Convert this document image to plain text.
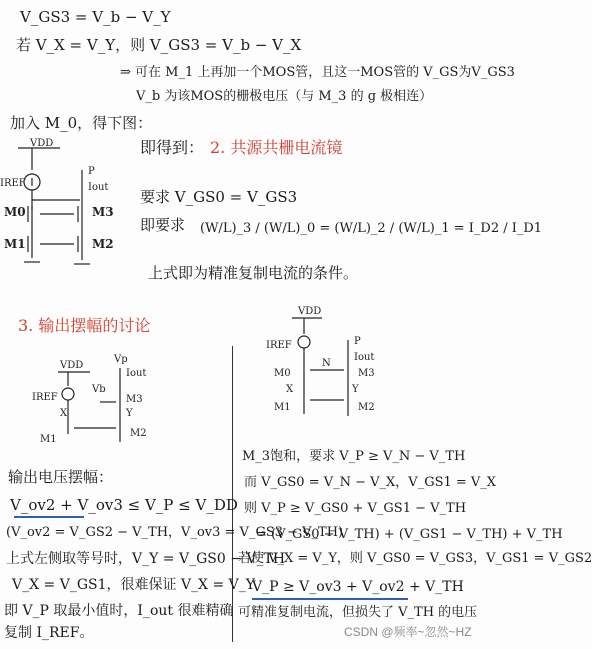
V_GS3 = V_b − V_Y
若 V_X = V_Y，则 V_GS3 = V_b − V_X
⇒ 可在 M_1 上再加一个MOS管，且这一MOS管的 V_GS为V_GS3
V_b 为该MOS的栅极电压（与 M_3 的 g 极相连）
加入 M_0，得下图：
即得到： 2. 共源共栅电流镜
要求 V_GS0 = V_GS3
即要求 (W/L)_3 / (W/L)_0 = (W/L)_2 / (W/L)_1 = I_D2 / I_D1
上式即为精准复制电流的条件。
VDD
IREF
P
Iout
M0	M3
M1	M2
3. 输出摆幅的讨论
VDD
IREF
Vp
Iout
Vb
M3
X	Y
M1
M2
VDD
IREF	P
Iout
N
M0	M3
X	Y
M1	M2
输出电压摆幅：
V_ov2 + V_ov3 ≤ V_P ≤ V_DD
(V_ov2 = V_GS2 − V_TH，V_ov3 = V_GS3 − V_TH)
上式左侧取等号时，V_Y = V_GS0 − V_TH
V_X = V_GS1，很难保证 V_X = V_Y
即 V_P 取最小值时，I_out 很难精确
复制 I_REF。
M_3饱和，要求 V_P ≥ V_N − V_TH
而 V_GS0 = V_N − V_X，V_GS1 = V_X
则 V_P ≥ V_GS0 + V_GS1 − V_TH
= (V_GS0 − V_TH) + (V_GS1 − V_TH) + V_TH
若使 V_X = V_Y，则 V_GS0 = V_GS3，V_GS1 = V_GS2
V_P ≥ V_ov3 + V_ov2 + V_TH
可精准复制电流，但损失了 V_TH 的电压
CSDN @频率~忽然~HZ
